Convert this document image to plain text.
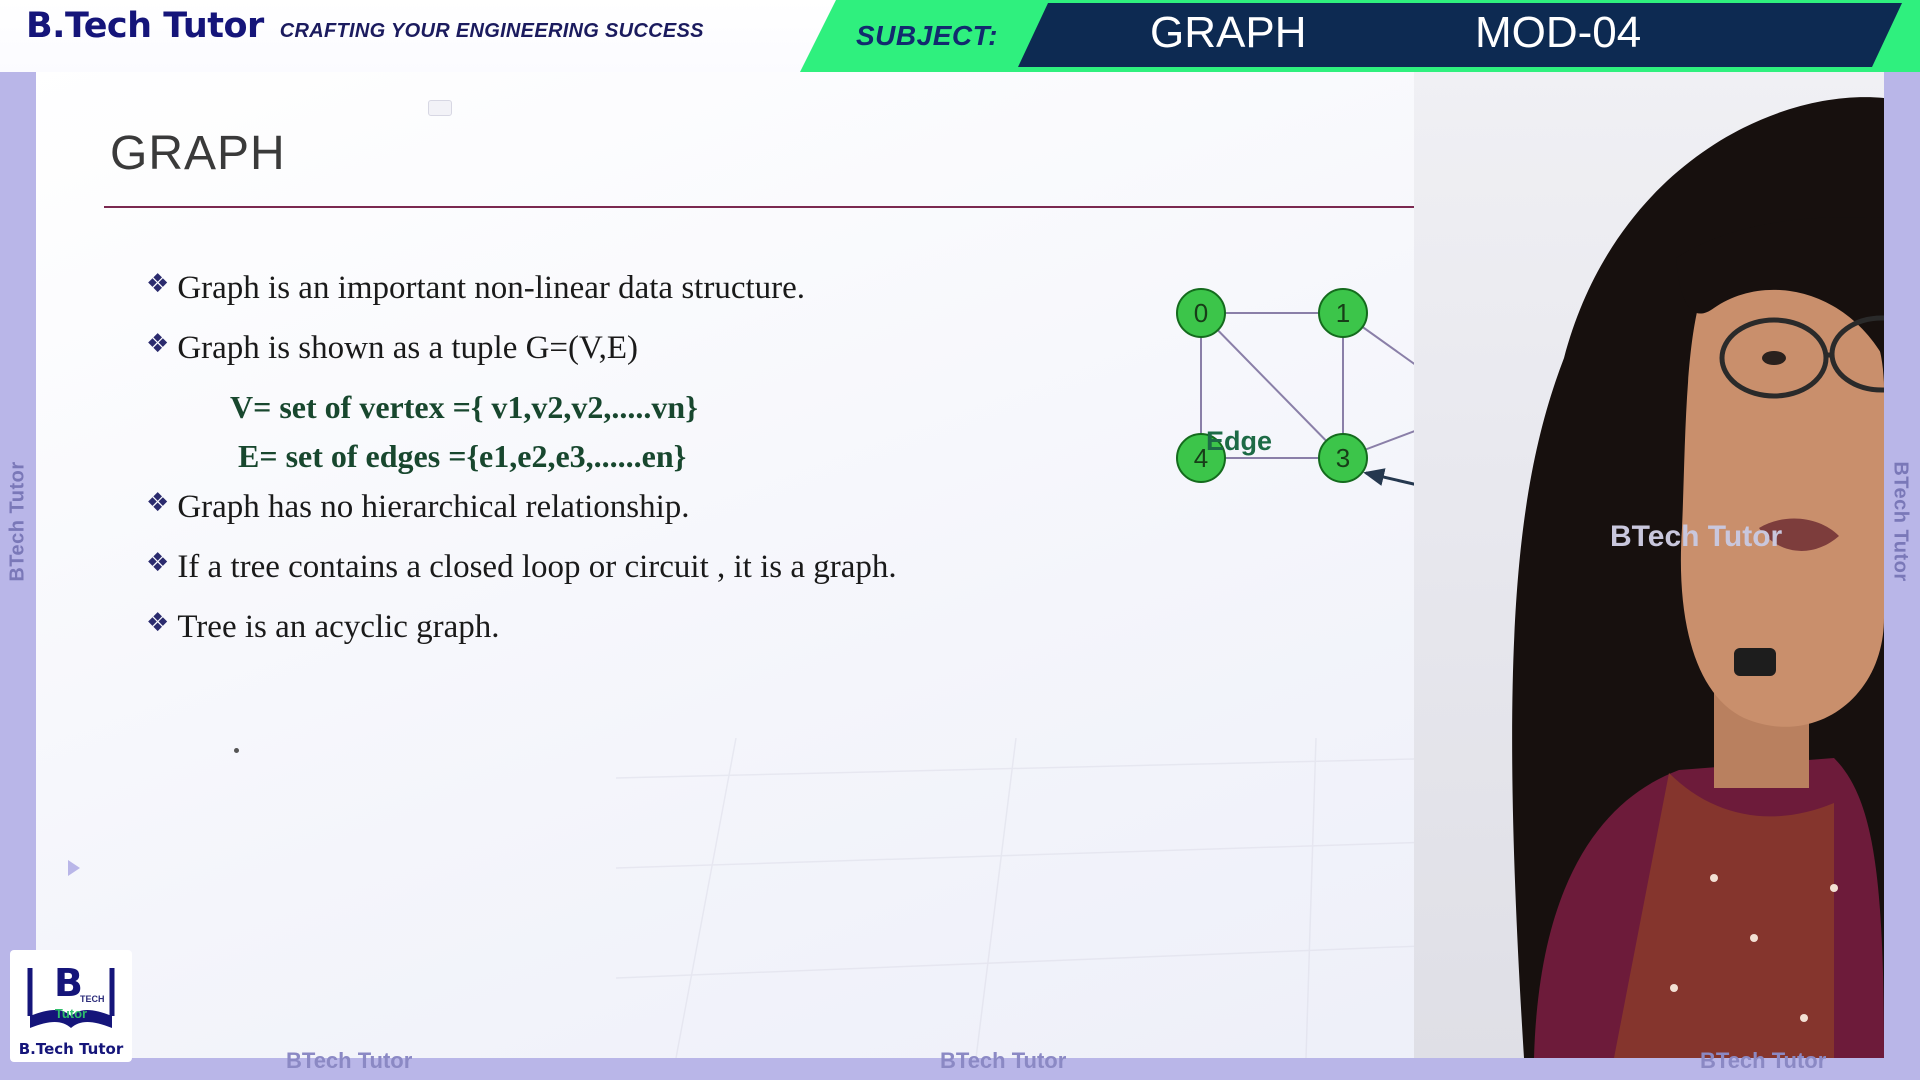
GRAPH
❖ Graph is an important non-linear data structure.
❖ Graph is shown as a tuple G=(V,E)
V= set of vertex ={ v1,v2,v2,.....vn}
E= set of edges ={e1,e2,e3,......en}
❖ Graph has no hierarchical relationship.
❖ If a tree contains a closed loop or circuit , it is a graph.
❖ Tree is an acyclic graph.
0	1
4	3
Edge
BTech Tutor
B.Tech Tutor CRAFTING YOUR ENGINEERING SUCCESS	SUBJECT:	GRAPH	MOD-04
BTech Tutor	BTech Tutor
BTech Tutor	BTech Tutor	BTech Tutor
B
TECH
Tutor
B.Tech Tutor
